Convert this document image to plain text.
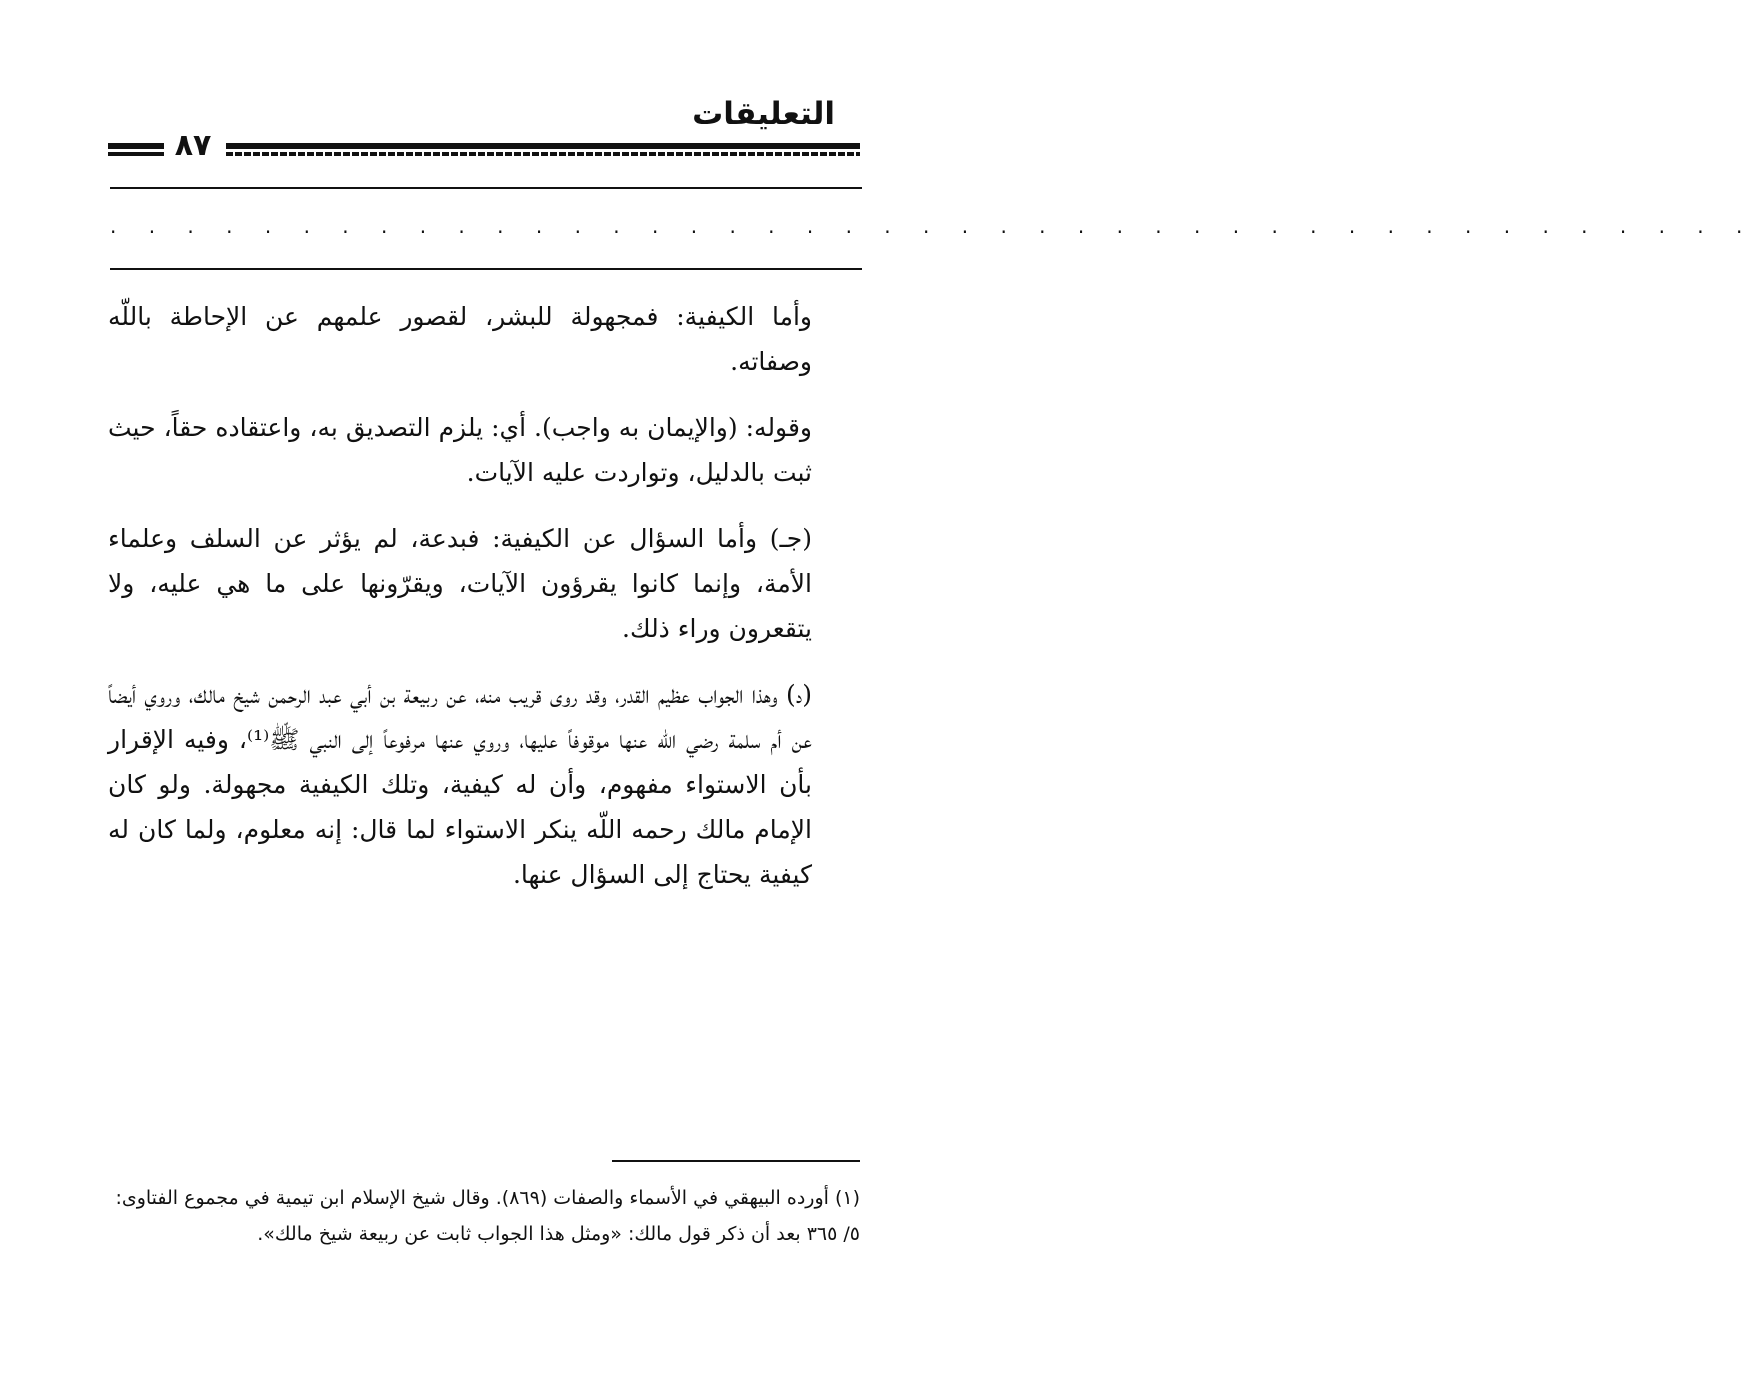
التعليقات
٨٧
· · · · · · · · · · · · · · · · · · · · · · · · · · · · · · · · · · · · · · · · · · ·

وأما الكيفية: فمجهولة للبشر، لقصور علمهم عن الإحاطة باللّه وصفاته.

وقوله: (والإيمان به واجب). أي: يلزم التصديق به، واعتقاده حقاً، حيث ثبت بالدليل، وتواردت عليه الآيات.

(جـ) وأما السؤال عن الكيفية: فبدعة، لم يؤثر عن السلف وعلماء الأمة، وإنما كانوا يقرؤون الآيات، ويقرّونها على ما هي عليه، ولا يتقعرون وراء ذلك.

(د) وهذا الجواب عظيم القدر، وقد روى قريب منه، عن ربيعة بن أبي عبد الرحمن شيخ مالك، وروي أيضاً عن أم سلمة رضي اللّه عنها موقوفاً عليها، وروي عنها مرفوعاً إلى النبي ﷺ⁽¹⁾، وفيه الإقرار بأن الاستواء مفهوم، وأن له كيفية، وتلك الكيفية مجهولة. ولو كان الإمام مالك رحمه اللّه ينكر الاستواء لما قال: إنه معلوم، ولما كان له كيفية يحتاج إلى السؤال عنها.

(١) أورده البيهقي في الأسماء والصفات (٨٦٩). وقال شيخ الإسلام ابن تيمية في مجموع الفتاوى:
٥/ ٣٦٥ بعد أن ذكر قول مالك: «ومثل هذا الجواب ثابت عن ربيعة شيخ مالك».
